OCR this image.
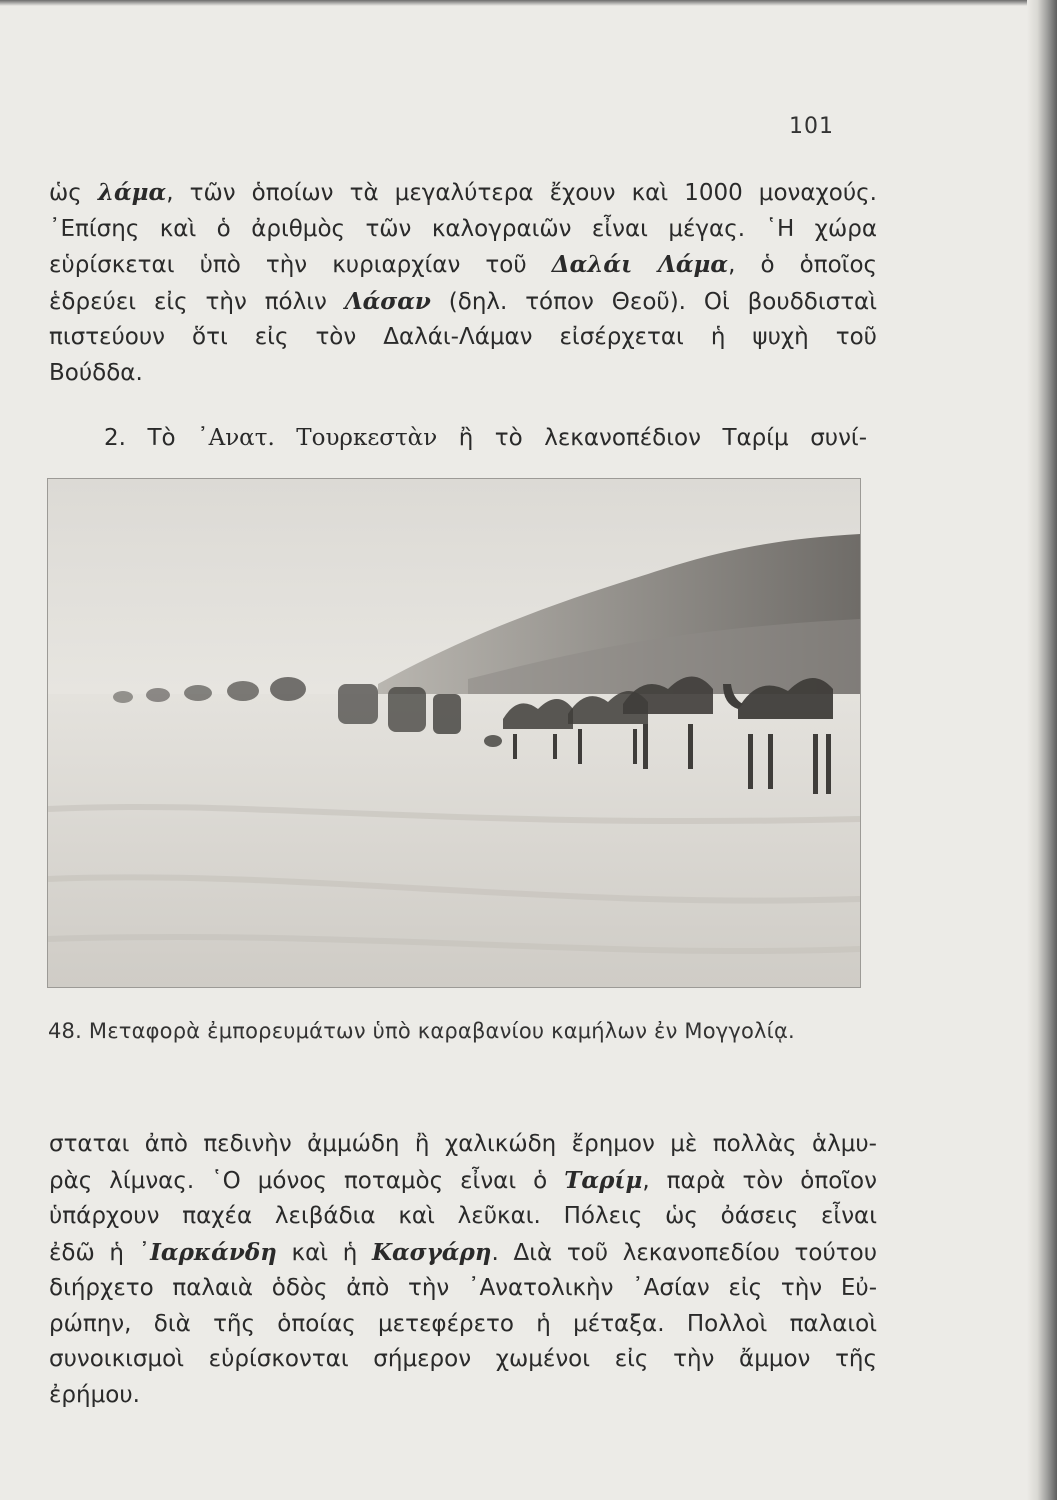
101
ὡς λάμα, τῶν ὁποίων τὰ μεγαλύτερα ἔχουν καὶ 1000 μοναχούς.
᾿Επίσης καὶ ὁ ἀριθμὸς τῶν καλογραιῶν εἶναι μέγας. ῾Η χώρα
εὑρίσκεται ὑπὸ τὴν κυριαρχίαν τοῦ Δαλάι Λάμα, ὁ ὁποῖος
ἑδρεύει εἰς τὴν πόλιν Λάσαν (δηλ. τόπον Θεοῦ). Οἱ βουδδισταὶ
πιστεύουν ὅτι εἰς τὸν Δαλάι-Λάμαν εἰσέρχεται ἡ ψυχὴ τοῦ
Βούδδα.
2. Τὸ ᾿Ανατ. Τουρκεστὰν ἢ τὸ λεκανοπέδιον Ταρίμ συνί-
48. Μεταφορὰ ἐμπορευμάτων ὑπὸ καραβανίου καμήλων ἐν Μογγολίᾳ.
σταται ἀπὸ πεδινὴν ἀμμώδη ἢ χαλικώδη ἔρημον μὲ πολλὰς ἁλμυ-
ρὰς λίμνας. ῾Ο μόνος ποταμὸς εἶναι ὁ Ταρίμ, παρὰ τὸν ὁποῖον
ὑπάρχουν παχέα λειβάδια καὶ λεῦκαι. Πόλεις ὡς ὀάσεις εἶναι
ἐδῶ ἡ ᾿Ιαρκάνδη καὶ ἡ Κασγάρη. Διὰ τοῦ λεκανοπεδίου τούτου
διήρχετο παλαιὰ ὁδὸς ἀπὸ τὴν ᾿Ανατολικὴν ᾿Ασίαν εἰς τὴν Εὐ-
ρώπην, διὰ τῆς ὁποίας μετεφέρετο ἡ μέταξα. Πολλοὶ παλαιοὶ
συνοικισμοὶ εὑρίσκονται σήμερον χωμένοι εἰς τὴν ἄμμον τῆς
ἐρήμου.
